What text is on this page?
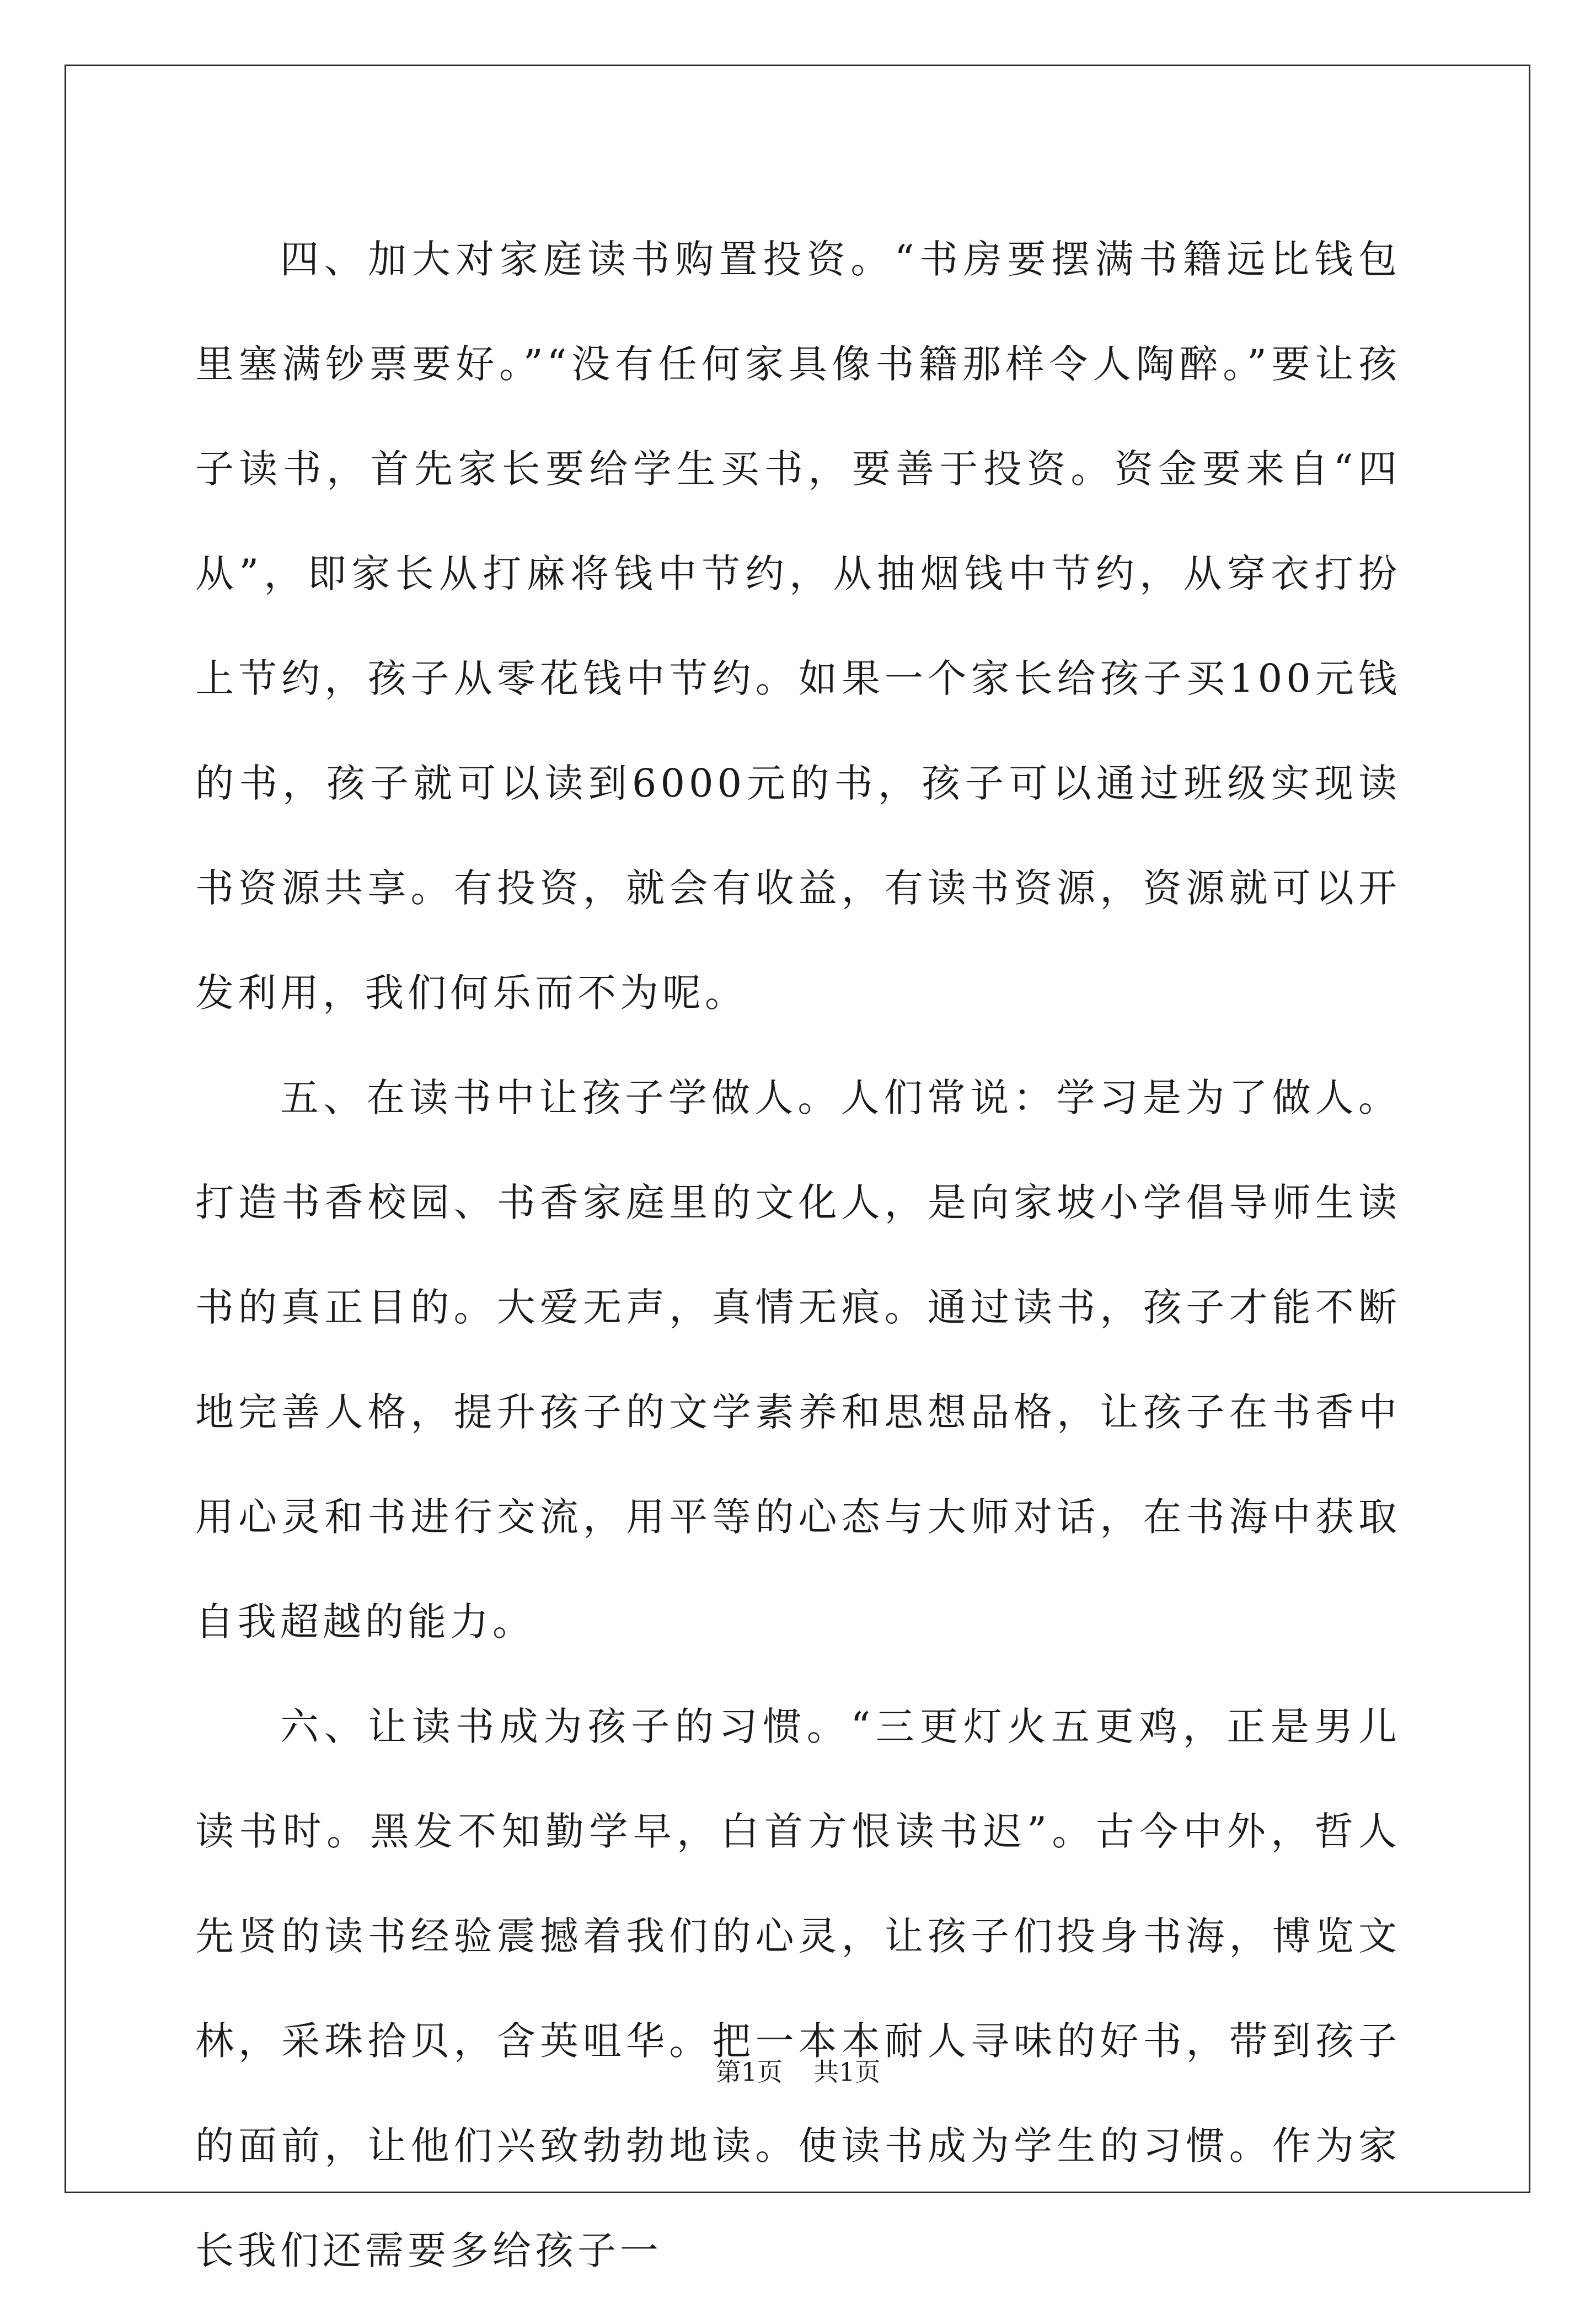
四、加大对家庭读书购置投资。“书房要摆满书籍远比钱包里塞满钞票要好。”“没有任何家具像书籍那样令人陶醉。”要让孩子读书，首先家长要给学生买书，要善于投资。资金要来自“四从”，即家长从打麻将钱中节约，从抽烟钱中节约，从穿衣打扮上节约，孩子从零花钱中节约。如果一个家长给孩子买100元钱的书，孩子就可以读到6000元的书，孩子可以通过班级实现读书资源共享。有投资，就会有收益，有读书资源，资源就可以开发利用，我们何乐而不为呢。

五、在读书中让孩子学做人。人们常说：学习是为了做人。打造书香校园、书香家庭里的文化人，是向家坡小学倡导师生读书的真正目的。大爱无声，真情无痕。通过读书，孩子才能不断地完善人格，提升孩子的文学素养和思想品格，让孩子在书香中用心灵和书进行交流，用平等的心态与大师对话，在书海中获取自我超越的能力。

六、让读书成为孩子的习惯。“三更灯火五更鸡，正是男儿读书时。黑发不知勤学早，白首方恨读书迟”。古今中外，哲人先贤的读书经验震撼着我们的心灵，让孩子们投身书海，博览文林，采珠拾贝，含英咀华。把一本本耐人寻味的好书，带到孩子的面前，让他们兴致勃勃地读。使读书成为学生的习惯。作为家长我们还需要多给孩子一

第1页 共1页
